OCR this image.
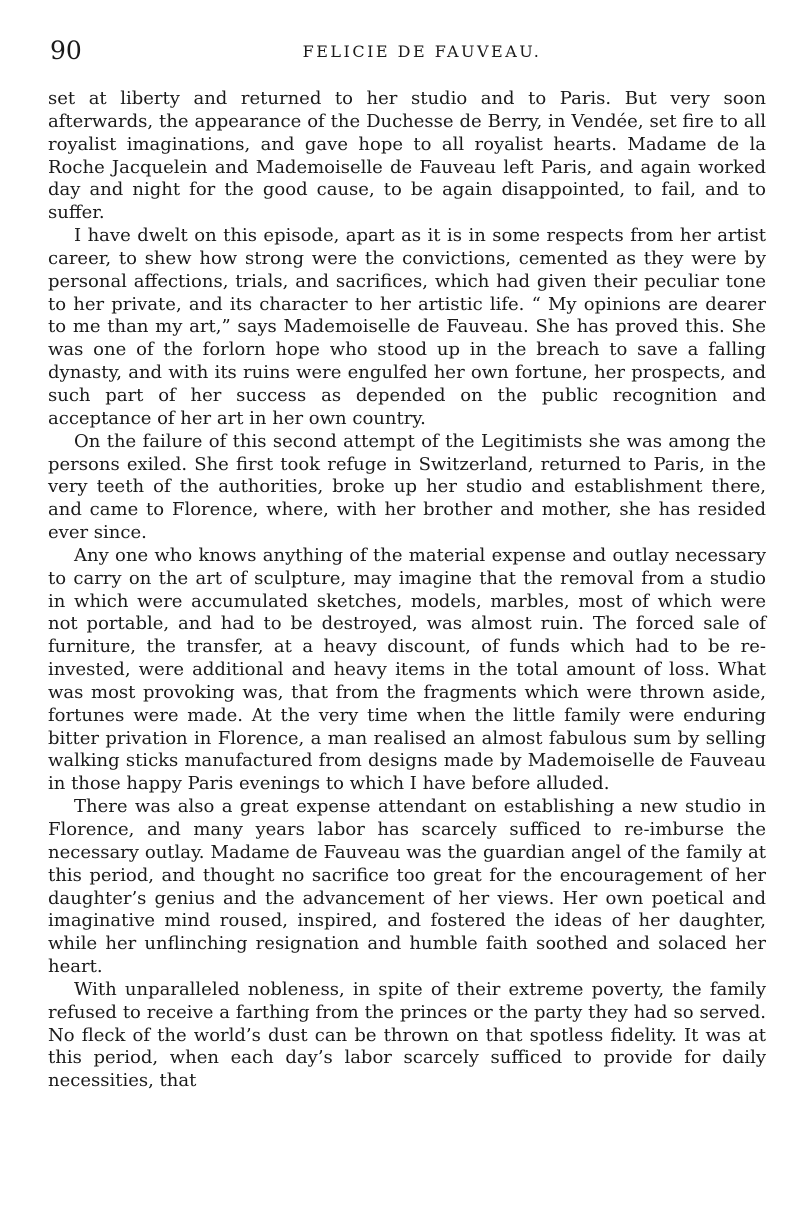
90	FELICIE DE FAUVEAU.

set at liberty and returned to her studio and to Paris. But very soon afterwards, the appearance of the Duchesse de Berry, in Vendée, set fire to all royalist imaginations, and gave hope to all royalist hearts. Madame de la Roche Jacquelein and Mademoiselle de Fauveau left Paris, and again worked day and night for the good cause, to be again disappointed, to fail, and to suffer.

I have dwelt on this episode, apart as it is in some respects from her artist career, to shew how strong were the convictions, cemented as they were by personal affections, trials, and sacrifices, which had given their peculiar tone to her private, and its character to her artistic life. “ My opinions are dearer to me than my art,” says Mademoiselle de Fauveau. She has proved this. She was one of the forlorn hope who stood up in the breach to save a falling dynasty, and with its ruins were engulfed her own fortune, her prospects, and such part of her success as depended on the public recognition and acceptance of her art in her own country.

On the failure of this second attempt of the Legitimists she was among the persons exiled. She first took refuge in Switzerland, returned to Paris, in the very teeth of the authorities, broke up her studio and establishment there, and came to Florence, where, with her brother and mother, she has resided ever since.

Any one who knows anything of the material expense and outlay necessary to carry on the art of sculpture, may imagine that the removal from a studio in which were accumulated sketches, models, marbles, most of which were not portable, and had to be destroyed, was almost ruin. The forced sale of furniture, the transfer, at a heavy discount, of funds which had to be re-invested, were additional and heavy items in the total amount of loss. What was most provoking was, that from the fragments which were thrown aside, fortunes were made. At the very time when the little family were enduring bitter privation in Florence, a man realised an almost fabulous sum by selling walking sticks manufactured from designs made by Mademoiselle de Fauveau in those happy Paris evenings to which I have before alluded.

There was also a great expense attendant on establishing a new studio in Florence, and many years labor has scarcely sufficed to re-imburse the necessary outlay. Madame de Fauveau was the guardian angel of the family at this period, and thought no sacrifice too great for the encouragement of her daughter’s genius and the advancement of her views. Her own poetical and imaginative mind roused, inspired, and fostered the ideas of her daughter, while her unflinching resignation and humble faith soothed and solaced her heart.

With unparalleled nobleness, in spite of their extreme poverty, the family refused to receive a farthing from the princes or the party they had so served. No fleck of the world’s dust can be thrown on that spotless fidelity. It was at this period, when each day’s labor scarcely sufficed to provide for daily necessities, that
